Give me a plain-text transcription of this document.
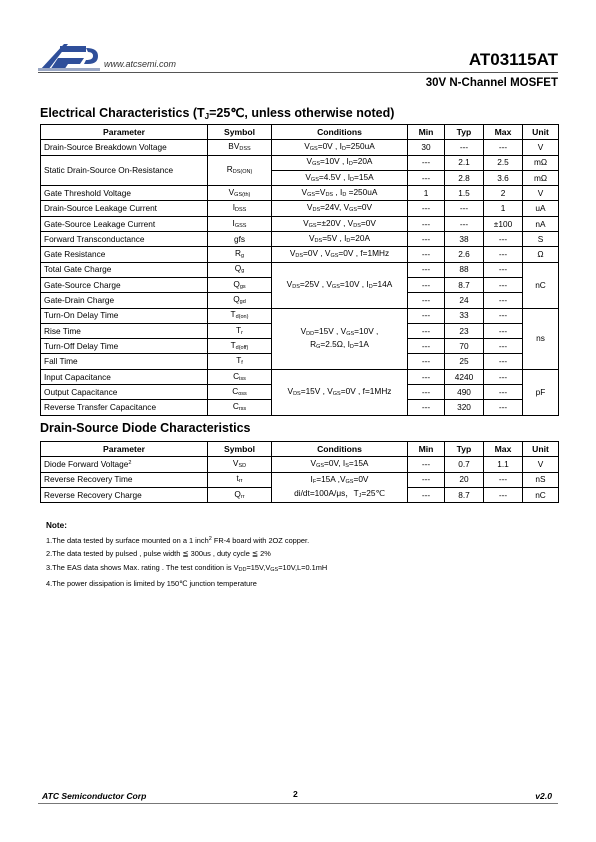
www.atcsemi.com	AT03115AT
30V N-Channel MOSFET
Electrical Characteristics ($T_J=25℃$, unless otherwise noted)
Parameter	Symbol	Conditions	Min	Typ	Max	Unit
Drain-Source Breakdown Voltage	BVDSS	VGS=0V , ID=250uA	30	---	---	V
Static Drain-Source On-Resistance	RDS(ON)	VGS=10V , ID=20A	---	2.1	2.5	mΩ
		VGS=4.5V , ID=15A	---	2.8	3.6	mΩ
Gate Threshold Voltage	VGS(th)	VGS=VDS , ID =250uA	1	1.5	2	V
Drain-Source Leakage Current	IDSS	VDS=24V, VGS=0V	---	---	1	uA
Gate-Source Leakage Current	IGSS	VGS=±20V , VDS=0V	---	---	±100	nA
Forward Transconductance	gfs	VDS=5V , ID=20A	---	38	---	S
Gate Resistance	Rg	VDS=0V , VGS=0V , f=1MHz	---	2.6	---	Ω
Total Gate Charge	Qg	VDS=25V , VGS=10V , ID=14A	---	88	---	nC
Gate-Source Charge	Qgs		---	8.7	---	
Gate-Drain Charge	Qgd		---	24	---	
Turn-On Delay Time	Td(on)	VDD=15V , VGS=10V ,
RG=2.5Ω, ID=1A	---	33	---	ns
Rise Time	Tr		---	23	---	
Turn-Off Delay Time	Td(off)		---	70	---	
Fall Time	Tf		---	25	---	
Input Capacitance	Ciss	VDS=15V , VGS=0V , f=1MHz	---	4240	---	pF
Output Capacitance	Coss		---	490	---	
Reverse Transfer Capacitance	Crss		---	320	---	
Drain-Source Diode Characteristics
Parameter	Symbol	Conditions	Min	Typ	Max	Unit
Diode Forward Voltage$^2$	VSD	VGS=0V, IS=15A	---	0.7	1.1	V
Reverse Recovery Time	trr	IF=15A ,VGS=0V
di/dt=100A/μs，TJ=25℃	---	20	---	nS
Reverse Recovery Charge	Qrr		---	8.7	---	nC
Note:
1.The data tested by surface mounted on a 1 inch$^2$ FR-4 board with 2OZ copper.
2.The data tested by pulsed , pulse width ≦ 300us , duty cycle ≦ 2%
3.The EAS data shows Max. rating . The test condition is VDD=15V,VGS=10V,L=0.1mH
4.The power dissipation is limited by 150℃ junction temperature
ATC Semiconductor Corp	2	v2.0
